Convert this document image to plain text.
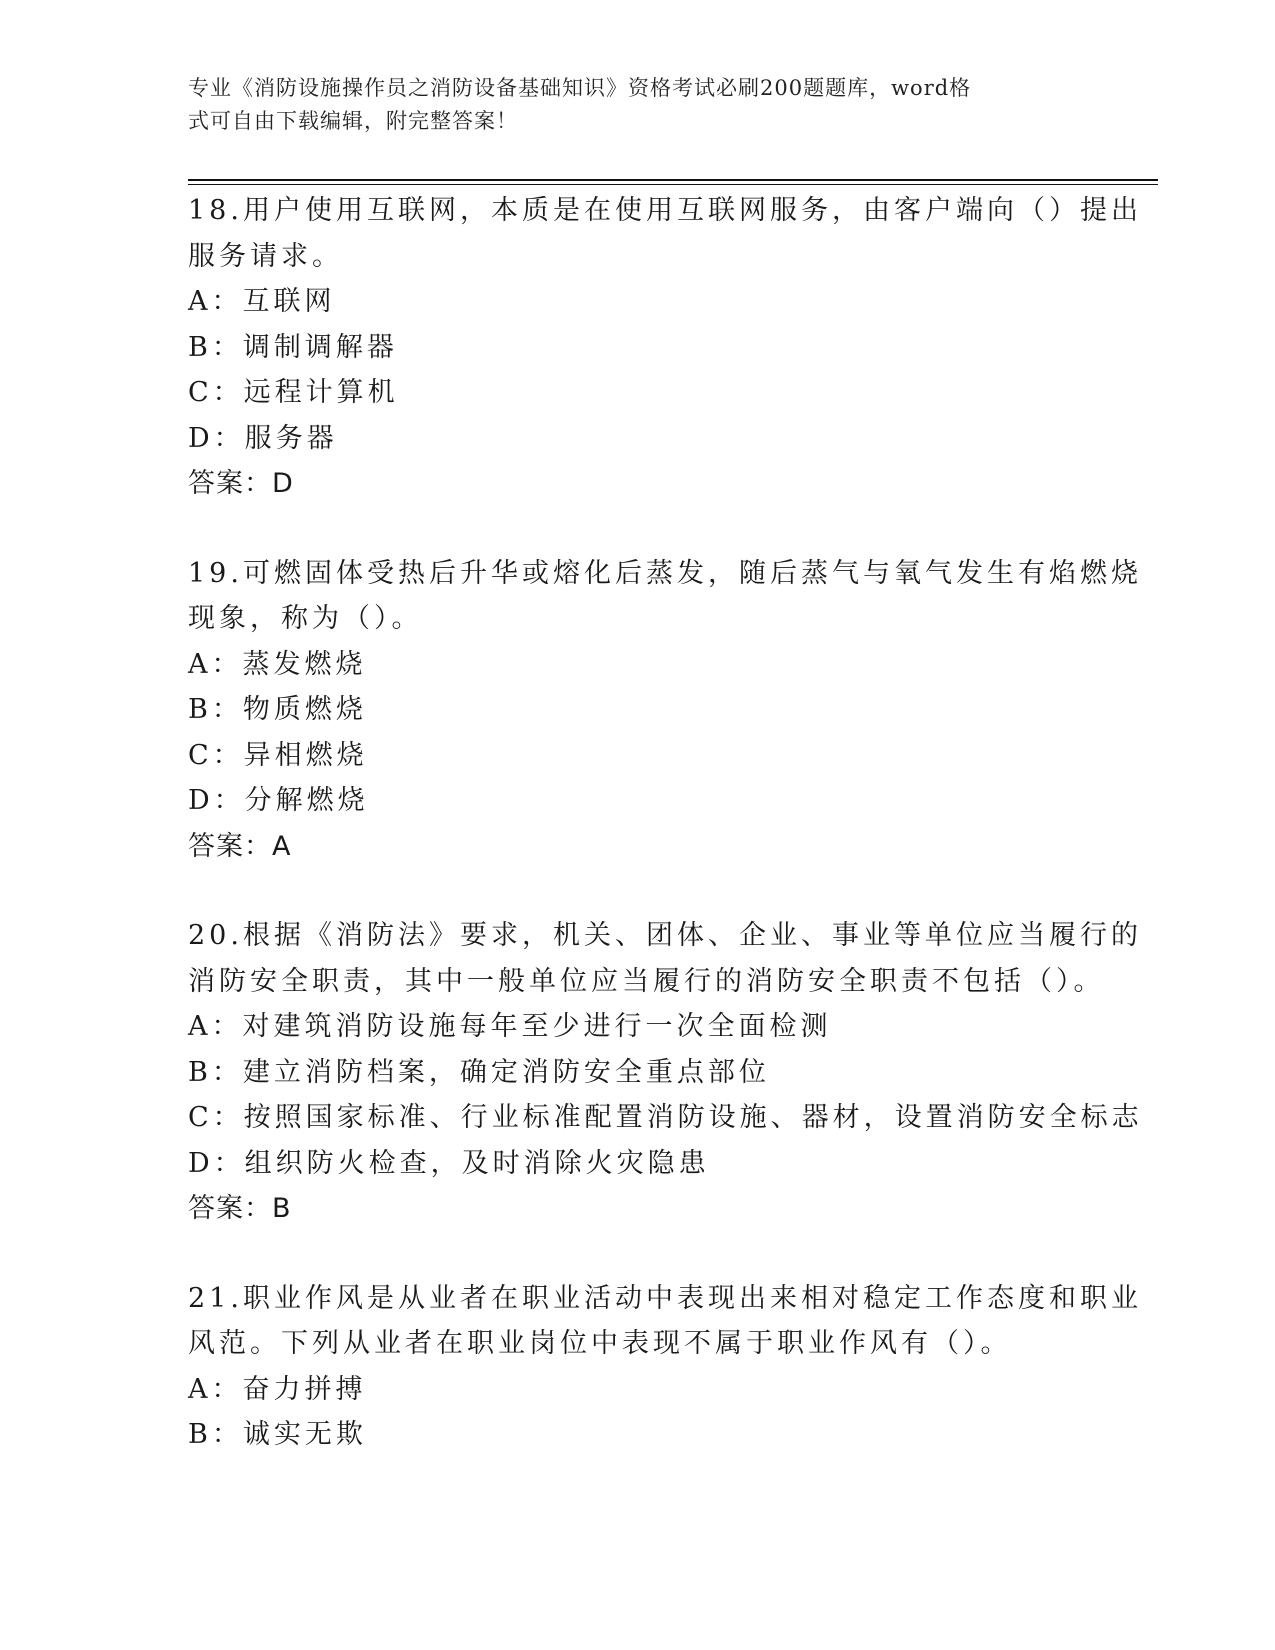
专业《消防设施操作员之消防设备基础知识》资格考试必刷200题题库，word格
式可自由下载编辑，附完整答案！
18.用户使用互联网，本质是在使用互联网服务，由客户端向（）提出
服务请求。
A：互联网
B：调制调解器
C：远程计算机
D：服务器
答案：D
19.可燃固体受热后升华或熔化后蒸发，随后蒸气与氧气发生有焰燃烧
现象，称为（）。
A：蒸发燃烧
B：物质燃烧
C：异相燃烧
D：分解燃烧
答案：A
20.根据《消防法》要求，机关、团体、企业、事业等单位应当履行的
消防安全职责，其中一般单位应当履行的消防安全职责不包括（）。
A：对建筑消防设施每年至少进行一次全面检测
B：建立消防档案，确定消防安全重点部位
C：按照国家标准、行业标准配置消防设施、器材，设置消防安全标志
D：组织防火检查，及时消除火灾隐患
答案：B
21.职业作风是从业者在职业活动中表现出来相对稳定工作态度和职业
风范。下列从业者在职业岗位中表现不属于职业作风有（）。
A：奋力拼搏
B：诚实无欺
